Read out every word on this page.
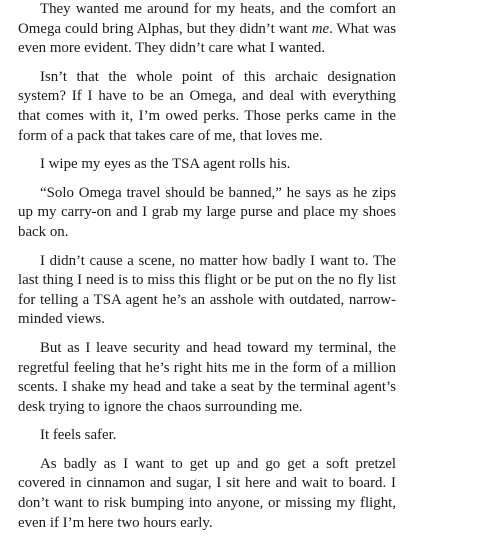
They wanted me around for my heats, and the comfort an Omega could bring Alphas, but they didn’t want me. What was even more evident. They didn’t care what I wanted.

Isn’t that the whole point of this archaic designation system? If I have to be an Omega, and deal with everything that comes with it, I’m owed perks. Those perks came in the form of a pack that takes care of me, that loves me.

I wipe my eyes as the TSA agent rolls his.

“Solo Omega travel should be banned,” he says as he zips up my carry-on and I grab my large purse and place my shoes back on.

I didn’t cause a scene, no matter how badly I want to. The last thing I need is to miss this flight or be put on the no fly list for telling a TSA agent he’s an asshole with outdated, narrow-minded views.

But as I leave security and head toward my terminal, the regretful feeling that he’s right hits me in the form of a million scents. I shake my head and take a seat by the terminal agent’s desk trying to ignore the chaos surrounding me.

It feels safer.

As badly as I want to get up and go get a soft pretzel covered in cinnamon and sugar, I sit here and wait to board. I don’t want to risk bumping into anyone, or missing my flight, even if I’m here two hours early.
